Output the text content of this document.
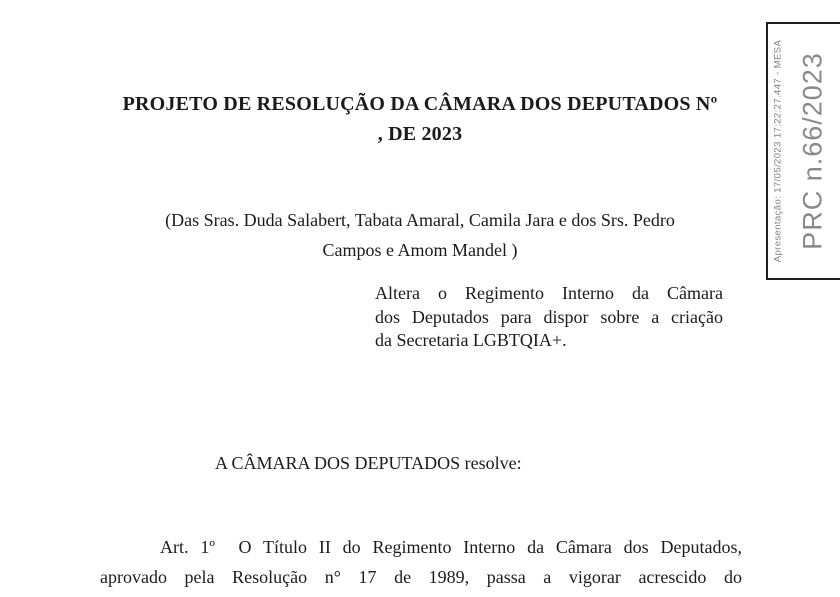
PROJETO DE RESOLUÇÃO DA CÂMARA DOS DEPUTADOS Nº
, DE 2023
(Das Sras. Duda Salabert, Tabata Amaral, Camila Jara e dos Srs. Pedro
Campos e Amom Mandel )
Altera o Regimento Interno da Câmara
dos Deputados para dispor sobre a criação
da Secretaria LGBTQIA+.
A CÂMARA DOS DEPUTADOS resolve:
Art. 1º  O Título II do Regimento Interno da Câmara dos Deputados,
aprovado pela Resolução n° 17 de 1989, passa a vigorar acrescido do
Apresentação: 17/05/2023 17:22:27.447 - MESA PRC n.66/2023
